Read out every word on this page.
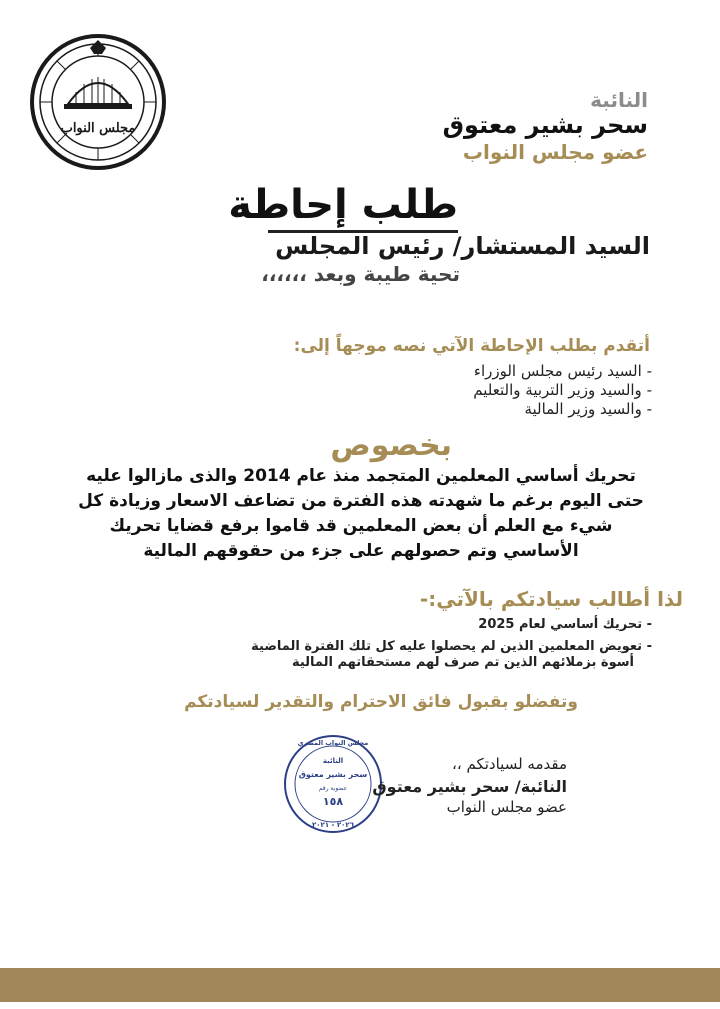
مجلس النواب
النائبة
سحر بشير معتوق
عضو مجلس النواب
طلب إحاطة
السيد المستشار/ رئيس المجلس
تحية طيبة وبعد ،،،،،،
أتقدم بطلب الإحاطة الآتي نصه موجهاً إلى:
- السيد رئيس مجلس الوزراء
- والسيد وزير التربية والتعليم
- والسيد وزير المالية
بخصوص

تحريك أساسي المعلمين المتجمد منذ عام 2014 والذى مازالوا عليه حتى اليوم برغم ما شهدته هذه الفترة من تضاعف الاسعار وزيادة كل شيء مع العلم أن بعض المعلمين قد قاموا برفع قضايا تحريك الأساسي وتم حصولهم على جزء من حقوقهم المالية

لذا أطالب سيادتكم بالآتي:-
- تحريك أساسي لعام 2025
- تعويض المعلمين الذين لم يحصلوا عليه كل تلك الفترة الماضية
أسوة بزملائهم الذين تم صرف لهم مستحقاتهم المالية
وتفضلو بقبول فائق الاحترام والتقدير لسيادتكم
مجلس النواب المصري
النائبة
سحر بشير معتوق
عضوية رقم
١٥٨
٢٠٢٦ - ٢٠٢١
مقدمه لسيادتكم ،،
النائبة/ سحر بشير معتوق
عضو مجلس النواب
